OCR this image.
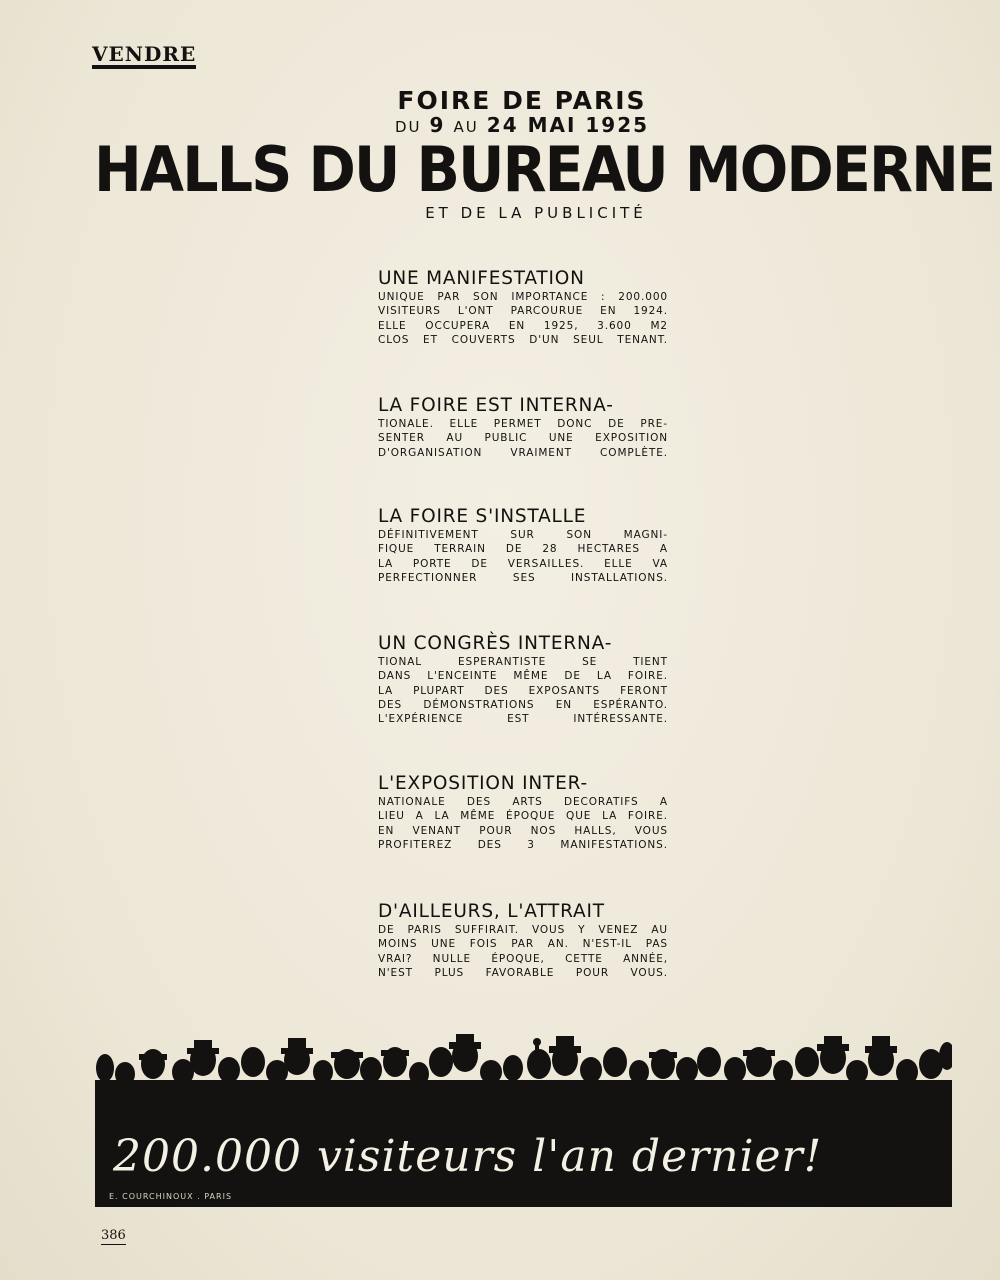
VENDRE
FOIRE DE PARIS
DU 9 AU 24 MAI 1925
HALLS DU BUREAU MODERNE
ET DE LA PUBLICITÉ
UNE MANIFESTATION
UNIQUE PAR SON IMPORTANCE : 200.000
VISITEURS L'ONT PARCOURUE EN 1924.
ELLE OCCUPERA EN 1925, 3.600 M2
CLOS ET COUVERTS D'UN SEUL TENANT.
LA FOIRE EST INTERNA-
TIONALE. ELLE PERMET DONC DE PRE-
SENTER AU PUBLIC UNE EXPOSITION
D'ORGANISATION VRAIMENT COMPLÈTE.
LA FOIRE S'INSTALLE
DÉFINITIVEMENT SUR SON MAGNI-
FIQUE TERRAIN DE 28 HECTARES A
LA PORTE DE VERSAILLES. ELLE VA
PERFECTIONNER SES INSTALLATIONS.
UN CONGRÈS INTERNA-
TIONAL ESPERANTISTE SE TIENT
DANS L'ENCEINTE MÊME DE LA FOIRE.
LA PLUPART DES EXPOSANTS FERONT
DES DÉMONSTRATIONS EN ESPÉRANTO.
L'EXPÉRIENCE EST INTÉRESSANTE.
L'EXPOSITION INTER-
NATIONALE DES ARTS DECORATIFS A
LIEU A LA MÊME ÉPOQUE QUE LA FOIRE.
EN VENANT POUR NOS HALLS, VOUS
PROFITEREZ DES 3 MANIFESTATIONS.
D'AILLEURS, L'ATTRAIT
DE PARIS SUFFIRAIT. VOUS Y VENEZ AU
MOINS UNE FOIS PAR AN. N'EST-IL PAS
VRAI? NULLE ÉPOQUE, CETTE ANNÉE,
N'EST PLUS FAVORABLE POUR VOUS.
200.000 visiteurs l'an dernier!
E. COURCHINOUX . PARIS
386
